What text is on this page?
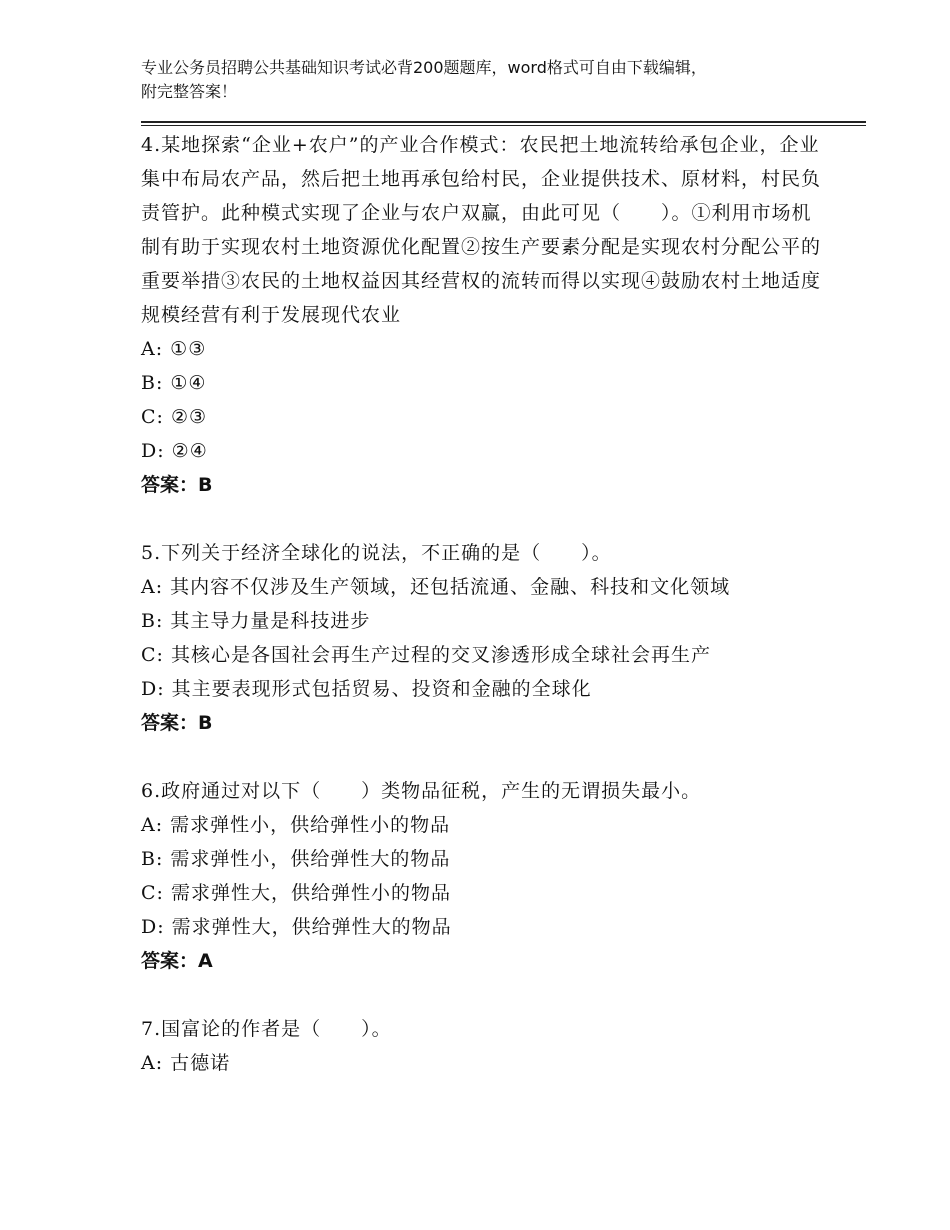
专业公务员招聘公共基础知识考试必背200题题库，word格式可自由下载编辑，
附完整答案！
4.某地探索“企业+农户”的产业合作模式：农民把土地流转给承包企业，企业集中布局农产品，然后把土地再承包给村民，企业提供技术、原材料，村民负责管护。此种模式实现了企业与农户双赢，由此可见（　　）。①利用市场机制有助于实现农村土地资源优化配置②按生产要素分配是实现农村分配公平的重要举措③农民的土地权益因其经营权的流转而得以实现④鼓励农村土地适度规模经营有利于发展现代农业
A: ①③
B: ①④
C: ②③
D: ②④
答案：B
5.下列关于经济全球化的说法，不正确的是（　　）。
A: 其内容不仅涉及生产领域，还包括流通、金融、科技和文化领域
B: 其主导力量是科技进步
C: 其核心是各国社会再生产过程的交叉渗透形成全球社会再生产
D: 其主要表现形式包括贸易、投资和金融的全球化
答案：B
6.政府通过对以下（　　）类物品征税，产生的无谓损失最小。
A: 需求弹性小，供给弹性小的物品
B: 需求弹性小，供给弹性大的物品
C: 需求弹性大，供给弹性小的物品
D: 需求弹性大，供给弹性大的物品
答案：A
7.国富论的作者是（　　）。
A: 古德诺
